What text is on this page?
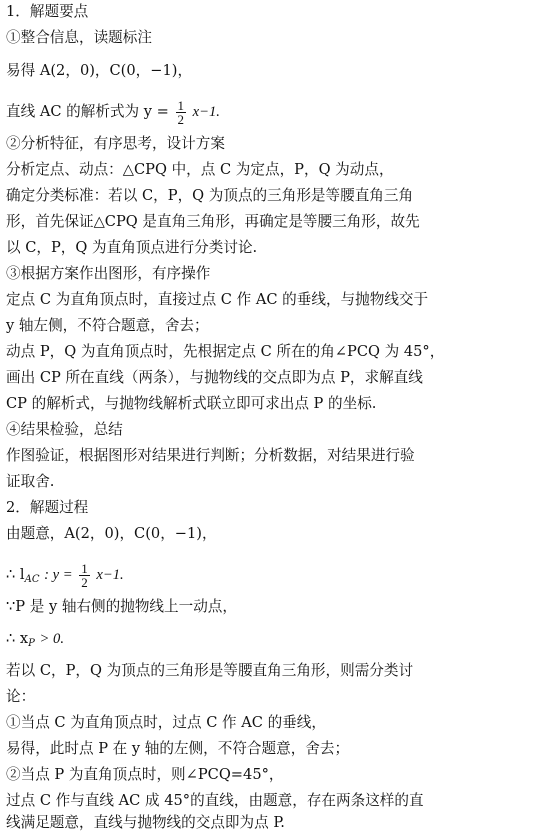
1．解题要点
①整合信息，读题标注
易得 A(2，0)，C(0，−1)，
直线 AC 的解析式为 $y = \frac{1}{2} x-1$.
②分析特征，有序思考，设计方案
分析定点、动点：△CPQ 中，点 C 为定点，P，Q 为动点，
确定分类标准：若以 C，P，Q 为顶点的三角形是等腰直角三角
形，首先保证△CPQ 是直角三角形，再确定是等腰三角形，故先
以 C，P，Q 为直角顶点进行分类讨论.
③根据方案作出图形，有序操作
定点 C 为直角顶点时，直接过点 C 作 AC 的垂线，与抛物线交于
y 轴左侧，不符合题意，舍去；
动点 P，Q 为直角顶点时，先根据定点 C 所在的角∠PCQ 为 45°，
画出 CP 所在直线（两条），与抛物线的交点即为点 P，求解直线
CP 的解析式，与抛物线解析式联立即可求出点 P 的坐标.
④结果检验，总结
作图验证，根据图形对结果进行判断；分析数据，对结果进行验
证取舍.
2．解题过程
由题意，A(2，0)，C(0，−1)，
∴ $l_{AC}$ : $y = \frac{1}{2} x-1$.
∵P 是 y 轴右侧的抛物线上一动点，
∴ $x_P > 0$.
若以 C，P，Q 为顶点的三角形是等腰直角三角形，则需分类讨
论：
①当点 C 为直角顶点时，过点 C 作 AC 的垂线，
易得，此时点 P 在 y 轴的左侧，不符合题意，舍去；
②当点 P 为直角顶点时，则∠PCQ=45°，
过点 C 作与直线 AC 成 45°的直线，由题意，存在两条这样的直
线满足题意，直线与抛物线的交点即为点 P.
